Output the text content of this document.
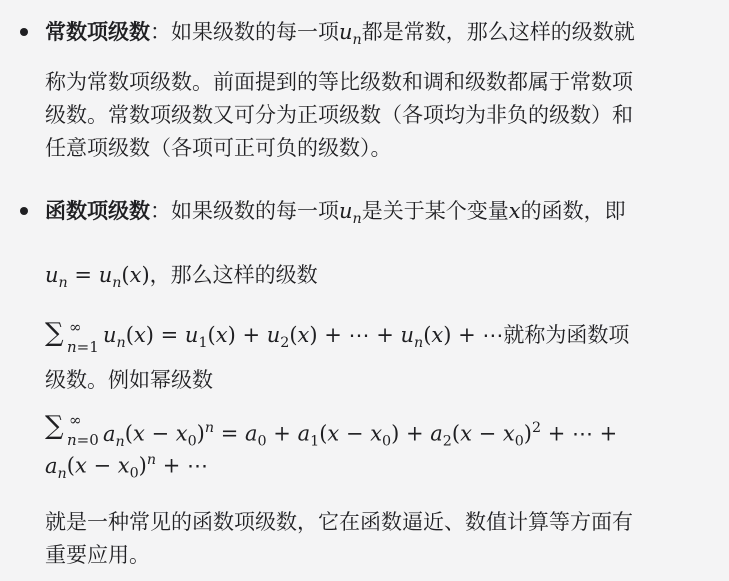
常数项级数：如果级数的每一项$u_n$都是常数，那么这样的级数就
称为常数项级数。前面提到的等比级数和调和级数都属于常数项
级数。常数项级数又可分为正项级数（各项均为非负的级数）和
任意项级数（各项可正可负的级数）。
函数项级数：如果级数的每一项$u_n$是关于某个变量x的函数，即
$u_n = u_n(x)$，那么这样的级数
∑ ∞
n=1 $u_n(x) = u_1(x) + u_2(x)$ + ⋯ + $u_n(x)$ + ⋯就称为函数项
级数。例如幂级数
∑ ∞
n=0 $a_n(x - x_0)^n = a_0 + a_1(x - x_0) + a_2(x - x_0)^2$ + ⋯ +
$a_n(x - x_0)^n$ + ⋯
就是一种常见的函数项级数，它在函数逼近、数值计算等方面有
重要应用。
